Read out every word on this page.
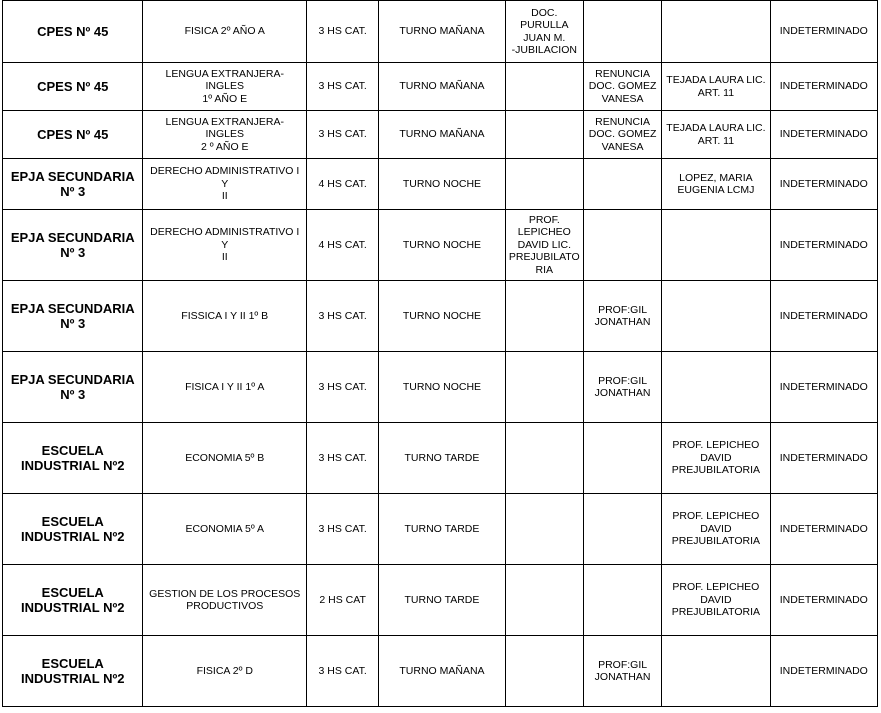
CPES Nº 45	FISICA 2º AÑO A	3 HS CAT.	TURNO MAÑANA	DOC.
PURULLA
JUAN M.
-JUBILACION			INDETERMINADO
CPES Nº 45	LENGUA EXTRANJERA- INGLES
1º AÑO E	3 HS CAT.	TURNO MAÑANA		RENUNCIA
DOC. GOMEZ
VANESA	TEJADA LAURA LIC.
ART. 11	INDETERMINADO
CPES Nº 45	LENGUA EXTRANJERA- INGLES
2 º AÑO E	3 HS CAT.	TURNO MAÑANA		RENUNCIA
DOC. GOMEZ
VANESA	TEJADA LAURA LIC.
ART. 11	INDETERMINADO
EPJA SECUNDARIA
Nº 3	DERECHO ADMINISTRATIVO I Y
II	4 HS CAT.	TURNO NOCHE			LOPEZ, MARIA
EUGENIA LCMJ	INDETERMINADO
EPJA SECUNDARIA
Nº 3	DERECHO ADMINISTRATIVO I Y
II	4 HS CAT.	TURNO NOCHE	PROF.
LEPICHEO
DAVID LIC.
PREJUBILATO
RIA			INDETERMINADO
EPJA SECUNDARIA
Nº 3	FISSICA I Y II 1º B	3 HS CAT.	TURNO NOCHE		PROF:GIL
JONATHAN		INDETERMINADO
EPJA SECUNDARIA
Nº 3	FISICA I Y II 1º A	3 HS CAT.	TURNO NOCHE		PROF:GIL
JONATHAN		INDETERMINADO
ESCUELA
INDUSTRIAL Nº2	ECONOMIA 5º B	3 HS CAT.	TURNO TARDE			PROF. LEPICHEO
DAVID
PREJUBILATORIA	INDETERMINADO
ESCUELA
INDUSTRIAL Nº2	ECONOMIA 5º A	3 HS CAT.	TURNO TARDE			PROF. LEPICHEO
DAVID
PREJUBILATORIA	INDETERMINADO
ESCUELA
INDUSTRIAL Nº2	GESTION DE LOS PROCESOS
PRODUCTIVOS	2 HS CAT	TURNO TARDE			PROF. LEPICHEO
DAVID
PREJUBILATORIA	INDETERMINADO
ESCUELA
INDUSTRIAL Nº2	FISICA 2º D	3 HS CAT.	TURNO MAÑANA		PROF:GIL
JONATHAN		INDETERMINADO
